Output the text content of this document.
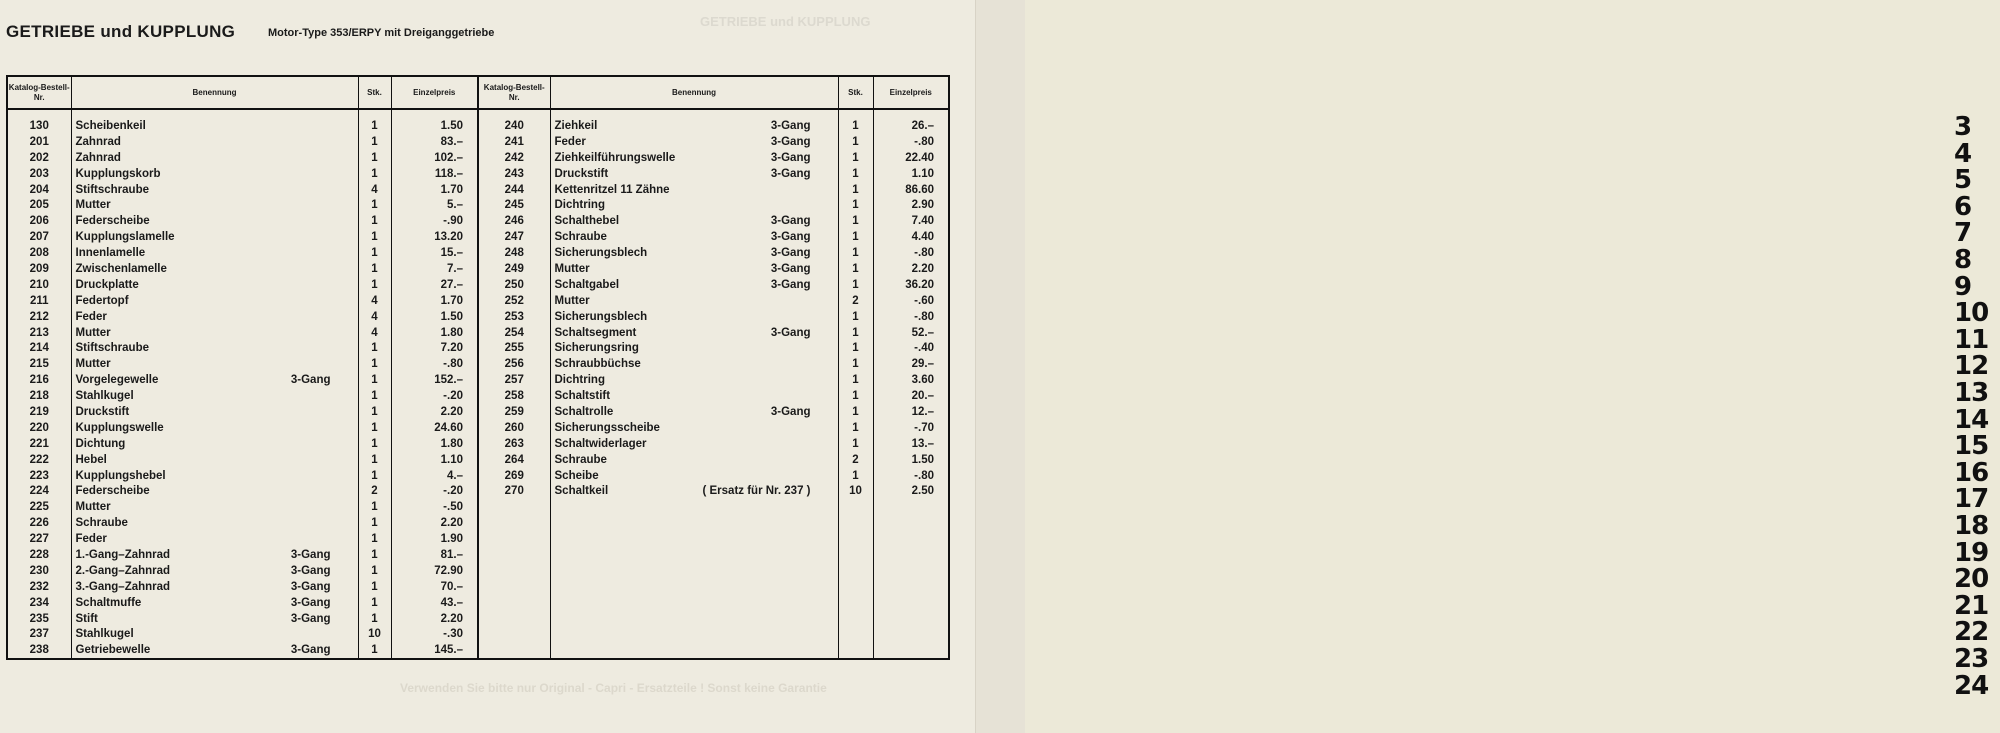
GETRIEBE und KUPPLUNG
GETRIEBE und KUPPLUNG	Motor-Type 353/ERPY mit Dreiganggetriebe
Katalog-Bestell-Nr.	Benennung	Stk.	Einzelpreis	Katalog-Bestell-Nr.	Benennung	Stk.	Einzelpreis

130	Scheibenkeil	1	1.50	240	Ziehkeil 3-Gang	1	26.–
201	Zahnrad	1	83.–	241	Feder 3-Gang	1	-.80
202	Zahnrad	1	102.–	242	Ziehkeilführungswelle 3-Gang	1	22.40
203	Kupplungskorb	1	118.–	243	Druckstift 3-Gang	1	1.10
204	Stiftschraube	4	1.70	244	Kettenritzel 11 Zähne	1	86.60
205	Mutter	1	5.–	245	Dichtring	1	2.90
206	Federscheibe	1	-.90	246	Schalthebel 3-Gang	1	7.40
207	Kupplungslamelle	1	13.20	247	Schraube 3-Gang	1	4.40
208	Innenlamelle	1	15.–	248	Sicherungsblech 3-Gang	1	-.80
209	Zwischenlamelle	1	7.–	249	Mutter 3-Gang	1	2.20
210	Druckplatte	1	27.–	250	Schaltgabel 3-Gang	1	36.20
211	Federtopf	4	1.70	252	Mutter	2	-.60
212	Feder	4	1.50	253	Sicherungsblech	1	-.80
213	Mutter	4	1.80	254	Schaltsegment 3-Gang	1	52.–
214	Stiftschraube	1	7.20	255	Sicherungsring	1	-.40
215	Mutter	1	-.80	256	Schraubbüchse	1	29.–
216	Vorgelegewelle 3-Gang	1	152.–	257	Dichtring	1	3.60
218	Stahlkugel	1	-.20	258	Schaltstift	1	20.–
219	Druckstift	1	2.20	259	Schaltrolle 3-Gang	1	12.–
220	Kupplungswelle	1	24.60	260	Sicherungsscheibe	1	-.70
221	Dichtung	1	1.80	263	Schaltwiderlager	1	13.–
222	Hebel	1	1.10	264	Schraube	2	1.50
223	Kupplungshebel	1	4.–	269	Scheibe	1	-.80
224	Federscheibe	2	-.20	270	Schaltkeil ( Ersatz für Nr. 237 )	10	2.50
225	Mutter	1	-.50				
226	Schraube	1	2.20				
227	Feder	1	1.90				
228	1.-Gang–Zahnrad 3-Gang	1	81.–				
230	2.-Gang–Zahnrad 3-Gang	1	72.90				
232	3.-Gang–Zahnrad 3-Gang	1	70.–				
234	Schaltmuffe 3-Gang	1	43.–				
235	Stift 3-Gang	1	2.20				
237	Stahlkugel	10	-.30				
238	Getriebewelle 3-Gang	1	145.–				
Verwenden Sie bitte nur Original - Capri - Ersatzteile ! Sonst keine Garantie
3
4
5
6
7
8
9
10
11
12
13
14
15
16
17
18
19
20
21
22
23
24
